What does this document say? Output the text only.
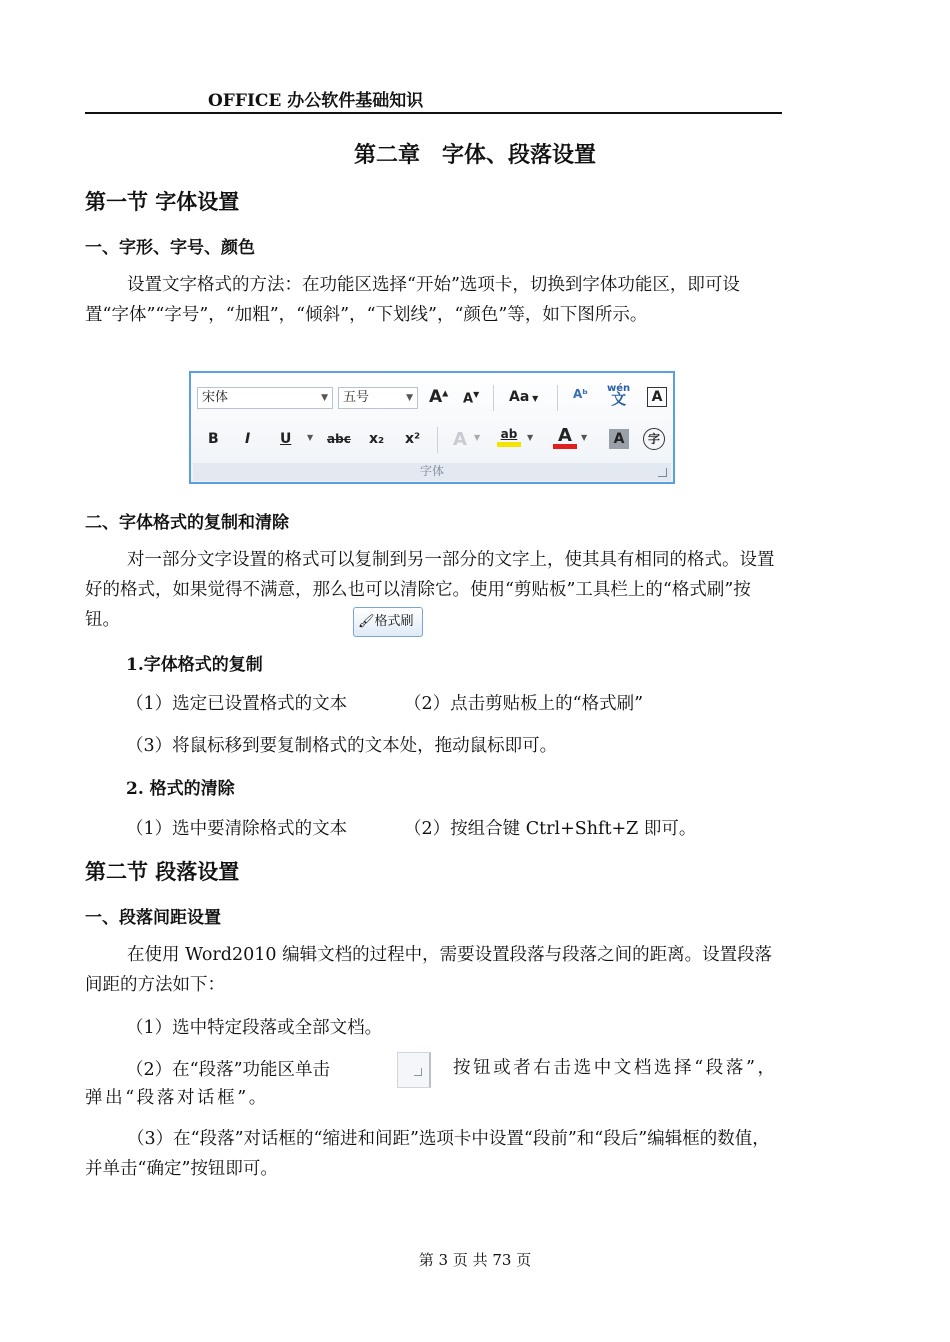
OFFICE 办公软件基础知识
第二章　字体、段落设置
第一节 字体设置
一、字形、字号、颜色
设置文字格式的方法：在功能区选择“开始”选项卡，切换到字体功能区，即可设置“字体”“字号”，“加粗”，“倾斜”，“下划线”，“颜色”等，如下图所示。
宋体	▼	五号	▼ A▲ A▼ Aa ▼	Aᵇ wén
文	A
B I U ▼ abc x₂ x² A ▼	ab	▼ A	▼	A	字
字体
二、字体格式的复制和清除
对一部分文字设置的格式可以复制到另一部分的文字上，使其具有相同的格式。设置好的格式，如果觉得不满意，那么也可以清除它。使用“剪贴板”工具栏上的“格式刷”按钮。	🖌格式刷
1.字体格式的复制
（1）选定已设置格式的文本	（2）点击剪贴板上的“格式刷”
（3）将鼠标移到要复制格式的文本处，拖动鼠标即可。
2. 格式的清除
（1）选中要清除格式的文本	（2）按组合键 Ctrl+Shft+Z 即可。
第二节 段落设置
一、段落间距设置
在使用 Word2010 编辑文档的过程中，需要设置段落与段落之间的距离。设置段落间距的方法如下：
（1）选中特定段落或全部文档。
（2）在“段落”功能区单击	按钮或者右击选中文档选择“段落”，弹出“段落对话框”。
（3）在“段落”对话框的“缩进和间距”选项卡中设置“段前”和“段后”编辑框的数值，并单击“确定”按钮即可。
第 3 页 共 73 页
